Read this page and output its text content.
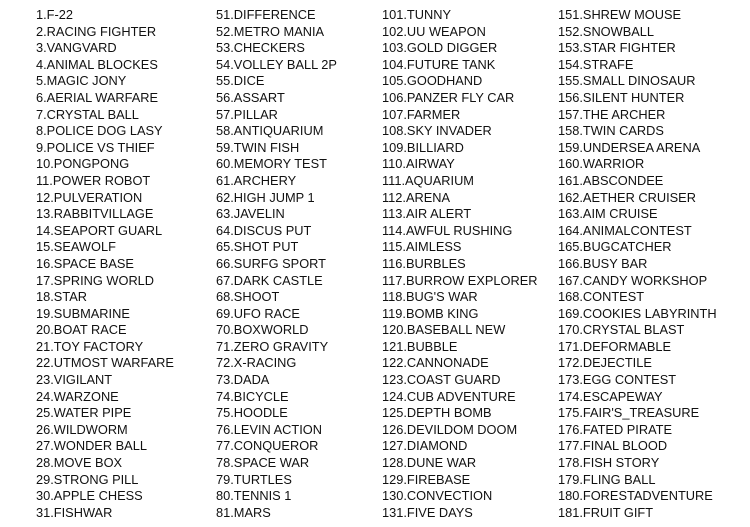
1.F-22
2.RACING FIGHTER
3.VANGVARD
4.ANIMAL BLOCKES
5.MAGIC JONY
6.AERIAL WARFARE
7.CRYSTAL BALL
8.POLICE DOG LASY
9.POLICE VS THIEF
10.PONGPONG
11.POWER ROBOT
12.PULVERATION
13.RABBITVILLAGE
14.SEAPORT GUARL
15.SEAWOLF
16.SPACE BASE
17.SPRING WORLD
18.STAR
19.SUBMARINE
20.BOAT RACE
21.TOY FACTORY
22.UTMOST WARFARE
23.VIGILANT
24.WARZONE
25.WATER PIPE
26.WILDWORM
27.WONDER BALL
28.MOVE BOX
29.STRONG PILL
30.APPLE CHESS
31.FISHWAR
51.DIFFERENCE
52.METRO MANIA
53.CHECKERS
54.VOLLEY BALL 2P
55.DICE
56.ASSART
57.PILLAR
58.ANTIQUARIUM
59.TWIN FISH
60.MEMORY TEST
61.ARCHERY
62.HIGH JUMP 1
63.JAVELIN
64.DISCUS PUT
65.SHOT PUT
66.SURFG SPORT
67.DARK CASTLE
68.SHOOT
69.UFO RACE
70.BOXWORLD
71.ZERO GRAVITY
72.X-RACING
73.DADA
74.BICYCLE
75.HOODLE
76.LEVIN ACTION
77.CONQUEROR
78.SPACE WAR
79.TURTLES
80.TENNIS 1
81.MARS
101.TUNNY
102.UU WEAPON
103.GOLD DIGGER
104.FUTURE TANK
105.GOODHAND
106.PANZER FLY CAR
107.FARMER
108.SKY INVADER
109.BILLIARD
110.AIRWAY
111.AQUARIUM
112.ARENA
113.AIR ALERT
114.AWFUL RUSHING
115.AIMLESS
116.BURBLES
117.BURROW EXPLORER
118.BUG'S WAR
119.BOMB KING
120.BASEBALL NEW
121.BUBBLE
122.CANNONADE
123.COAST GUARD
124.CUB ADVENTURE
125.DEPTH BOMB
126.DEVILDOM DOOM
127.DIAMOND
128.DUNE WAR
129.FIREBASE
130.CONVECTION
131.FIVE DAYS
151.SHREW MOUSE
152.SNOWBALL
153.STAR FIGHTER
154.STRAFE
155.SMALL DINOSAUR
156.SILENT HUNTER
157.THE ARCHER
158.TWIN CARDS
159.UNDERSEA ARENA
160.WARRIOR
161.ABSCONDEE
162.AETHER CRUISER
163.AIM CRUISE
164.ANIMALCONTEST
165.BUGCATCHER
166.BUSY BAR
167.CANDY WORKSHOP
168.CONTEST
169.COOKIES LABYRINTH
170.CRYSTAL BLAST
171.DEFORMABLE
172.DEJECTILE
173.EGG CONTEST
174.ESCAPEWAY
175.FAIR'S_TREASURE
176.FATED PIRATE
177.FINAL BLOOD
178.FISH STORY
179.FLING BALL
180.FORESTADVENTURE
181.FRUIT GIFT
